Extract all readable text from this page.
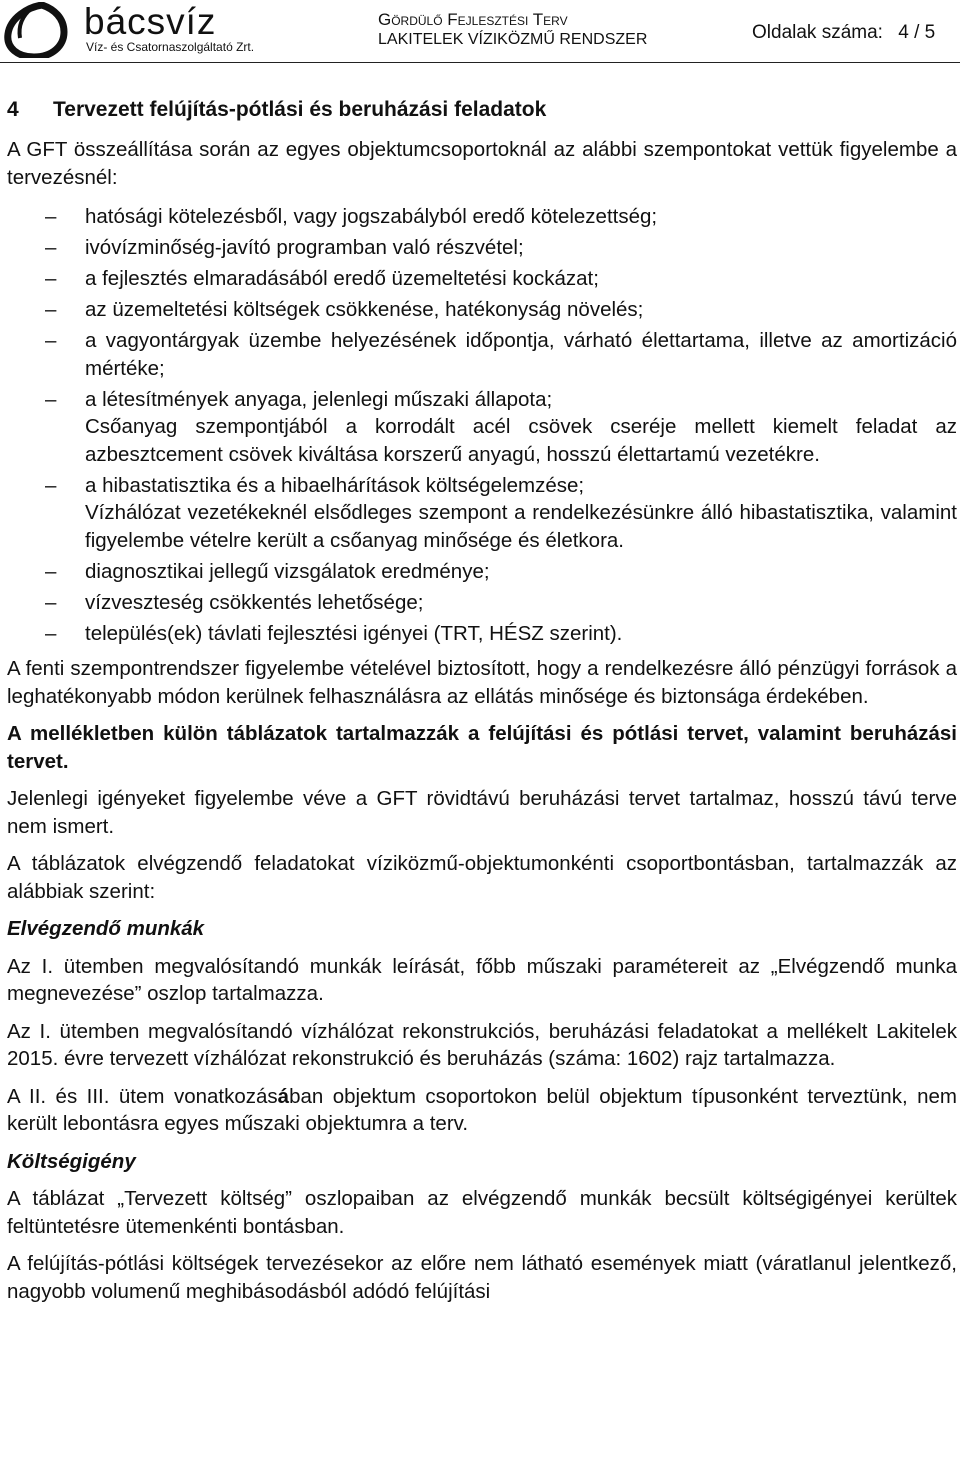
bácsvíz
Víz- és Csatornaszolgáltató Zrt.
Gördülő Fejlesztési Terv
LAKITELEK VÍZIKÖZMŰ RENDSZER	Oldalak száma: 4 / 5
4 Tervezett felújítás-pótlási és beruházási feladatok

A GFT összeállítása során az egyes objektumcsoportoknál az alábbi szempontokat vettük figyelembe a tervezésnél:

– hatósági kötelezésből, vagy jogszabályból eredő kötelezettség;
– ivóvízminőség-javító programban való részvétel;
– a fejlesztés elmaradásából eredő üzemeltetési kockázat;
– az üzemeltetési költségek csökkenése, hatékonyság növelés;
– a vagyontárgyak üzembe helyezésének időpontja, várható élettartama, illetve az amortizáció mértéke;
– a létesítmények anyaga, jelenlegi műszaki állapota;
Csőanyag szempontjából a korrodált acél csövek cseréje mellett kiemelt feladat az azbesztcement csövek kiváltása korszerű anyagú, hosszú élettartamú vezetékre.
– a hibastatisztika és a hibaelhárítások költségelemzése;
Vízhálózat vezetékeknél elsődleges szempont a rendelkezésünkre álló hibastatisztika, valamint figyelembe vételre került a csőanyag minősége és életkora.
– diagnosztikai jellegű vizsgálatok eredménye;
– vízveszteség csökkentés lehetősége;
– település(ek) távlati fejlesztési igényei (TRT, HÉSZ szerint).

A fenti szempontrendszer figyelembe vételével biztosított, hogy a rendelkezésre álló pénzügyi források a leghatékonyabb módon kerülnek felhasználásra az ellátás minősége és biztonsága érdekében.

A mellékletben külön táblázatok tartalmazzák a felújítási és pótlási tervet, valamint beruházási tervet.

Jelenlegi igényeket figyelembe véve a GFT rövidtávú beruházási tervet tartalmaz, hosszú távú terve nem ismert.

A táblázatok elvégzendő feladatokat víziközmű-objektumonkénti csoportbontásban, tartalmazzák az alábbiak szerint:

Elvégzendő munkák

Az I. ütemben megvalósítandó munkák leírását, főbb műszaki paramétereit az „Elvégzendő munka megnevezése” oszlop tartalmazza.

Az I. ütemben megvalósítandó vízhálózat rekonstrukciós, beruházási feladatokat a mellékelt Lakitelek 2015. évre tervezett vízhálózat rekonstrukció és beruházás (száma: 1602) rajz tartalmazza.

A II. és III. ütem vonatkozásában objektum csoportokon belül objektum típusonként terveztünk, nem került lebontásra egyes műszaki objektumra a terv.

Költségigény

A táblázat „Tervezett költség” oszlopaiban az elvégzendő munkák becsült költségigényei kerültek feltüntetésre ütemenkénti bontásban.

A felújítás-pótlási költségek tervezésekor az előre nem látható események miatt (váratlanul jelentkező, nagyobb volumenű meghibásodásból adódó felújítási
